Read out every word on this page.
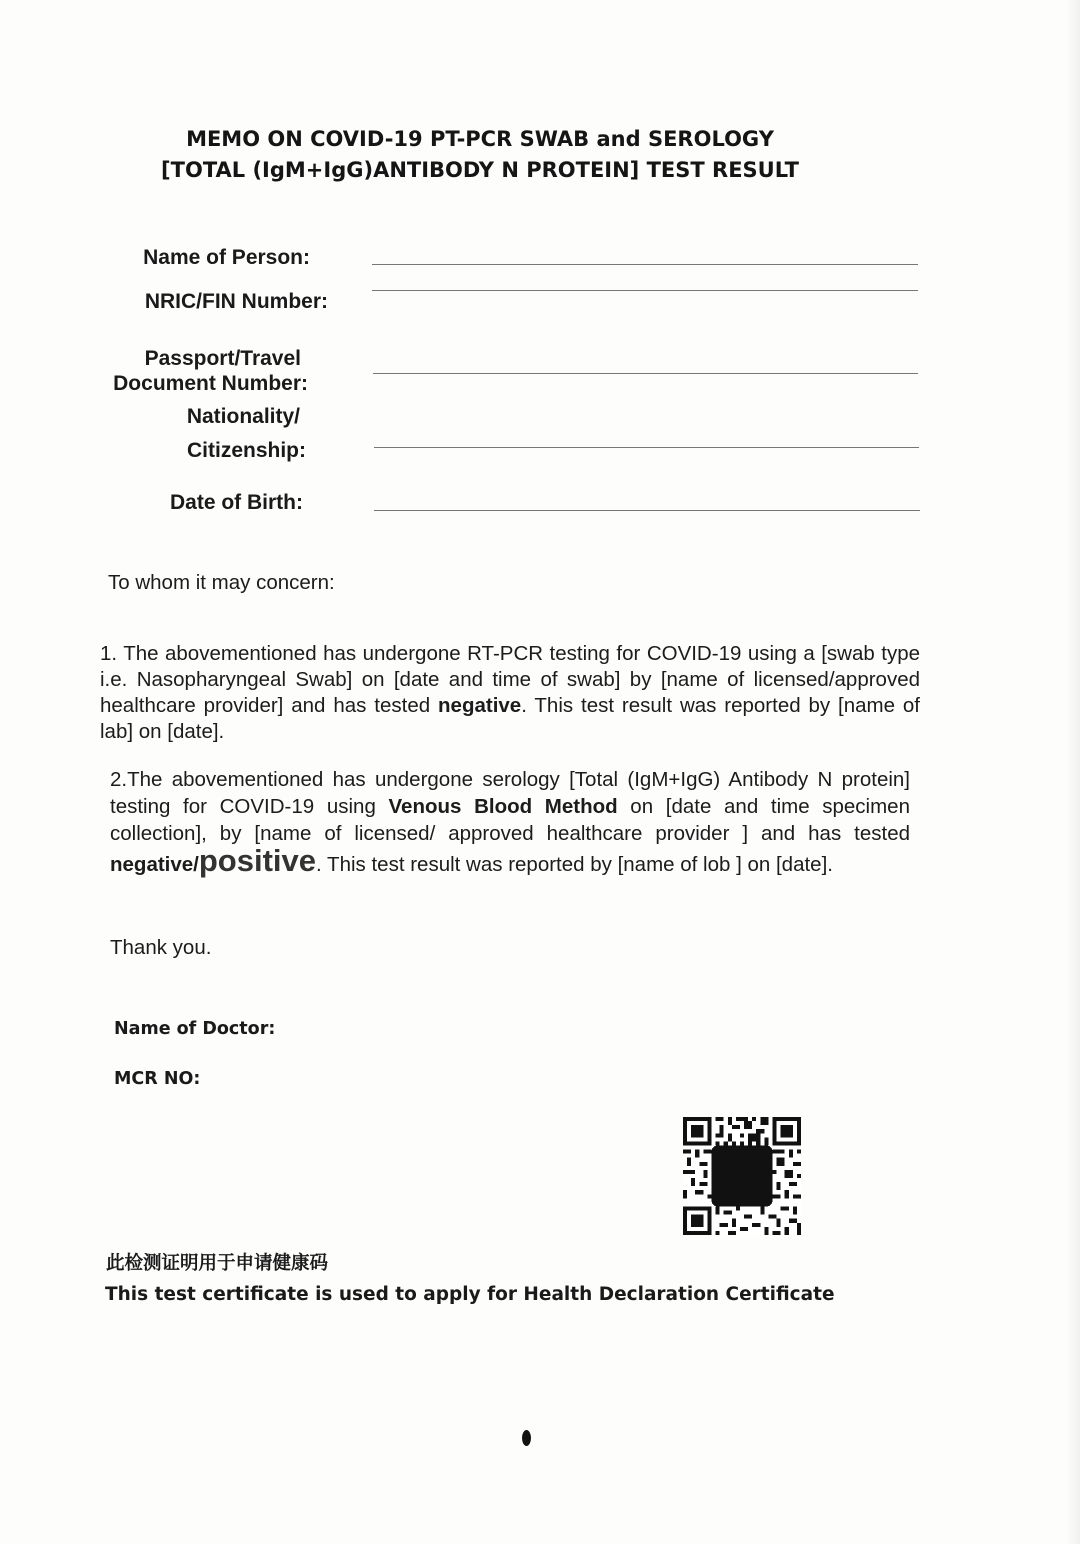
MEMO ON COVID-19 PT-PCR SWAB and SEROLOGY
[TOTAL (IgM+IgG)ANTIBODY N PROTEIN] TEST RESULT
Name of Person:
NRIC/FIN Number:
Passport/Travel
Document Number:
Nationality/
Citizenship:
Date of Birth:
To whom it may concern:
1. The abovementioned has undergone RT-PCR testing for COVID-19 using a [swab type i.e. Nasopharyngeal Swab] on [date and time of swab] by [name of licensed/approved healthcare provider] and has tested negative. This test result was reported by [name of lab] on [date].
2.The abovementioned has undergone serology [Total (IgM+IgG) Antibody N protein] testing for COVID-19 using Venous Blood Method on [date and time specimen collection], by [name of licensed/ approved healthcare provider ] and has tested negative/positive. This test result was reported by [name of lob ] on [date].
Thank you.
Name of Doctor:
MCR NO:
此检测证明用于申请健康码
This test certificate is used to apply for Health Declaration Certificate
